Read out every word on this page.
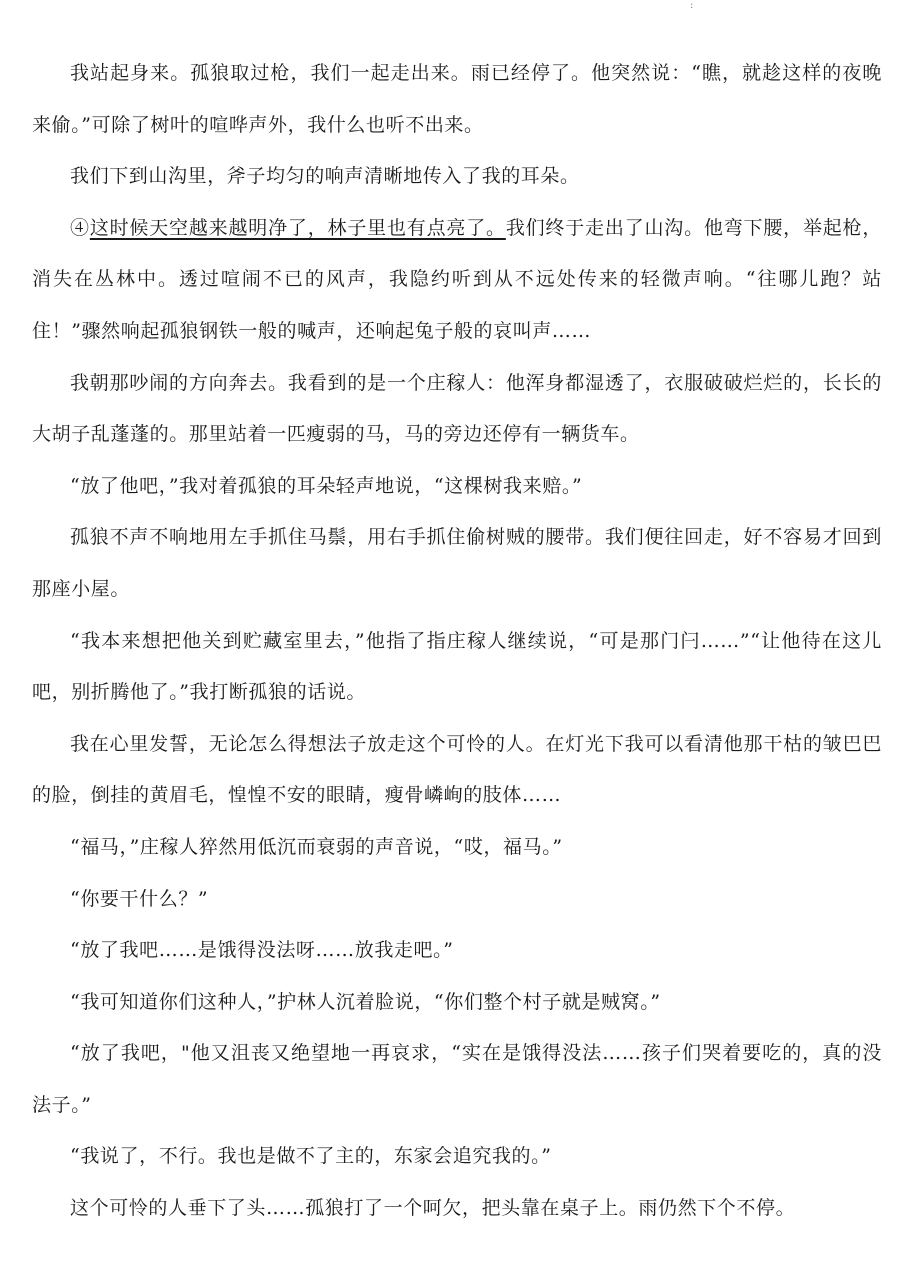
:

我站起身来。孤狼取过枪，我们一起走出来。雨已经停了。他突然说：“瞧，就趁这样的夜晚来偷。”可除了树叶的喧哗声外，我什么也听不出来。

我们下到山沟里，斧子均匀的响声清晰地传入了我的耳朵。

④这时候天空越来越明净了，林子里也有点亮了。我们终于走出了山沟。他弯下腰，举起枪，消失在丛林中。透过喧闹不已的风声，我隐约听到从不远处传来的轻微声响。“往哪儿跑？站住！”骤然响起孤狼钢铁一般的喊声，还响起兔子般的哀叫声……

我朝那吵闹的方向奔去。我看到的是一个庄稼人：他浑身都湿透了，衣服破破烂烂的，长长的大胡子乱蓬蓬的。那里站着一匹瘦弱的马，马的旁边还停有一辆货车。

“放了他吧，”我对着孤狼的耳朵轻声地说，“这棵树我来赔。”

孤狼不声不响地用左手抓住马鬃，用右手抓住偷树贼的腰带。我们便往回走，好不容易才回到那座小屋。

“我本来想把他关到贮藏室里去，”他指了指庄稼人继续说，“可是那门闩……”“让他待在这儿吧，别折腾他了。”我打断孤狼的话说。

我在心里发誓，无论怎么得想法子放走这个可怜的人。在灯光下我可以看清他那干枯的皱巴巴的脸，倒挂的黄眉毛，惶惶不安的眼睛，瘦骨嶙峋的肢体……

“福马，”庄稼人猝然用低沉而衰弱的声音说，“哎，福马。”

“你要干什么？”

“放了我吧……是饿得没法呀……放我走吧。”

“我可知道你们这种人，”护林人沉着脸说，“你们整个村子就是贼窝。”

“放了我吧，"他又沮丧又绝望地一再哀求，“实在是饿得没法……孩子们哭着要吃的，真的没法子。”

“我说了，不行。我也是做不了主的，东家会追究我的。”

这个可怜的人垂下了头……孤狼打了一个呵欠，把头靠在桌子上。雨仍然下个不停。
